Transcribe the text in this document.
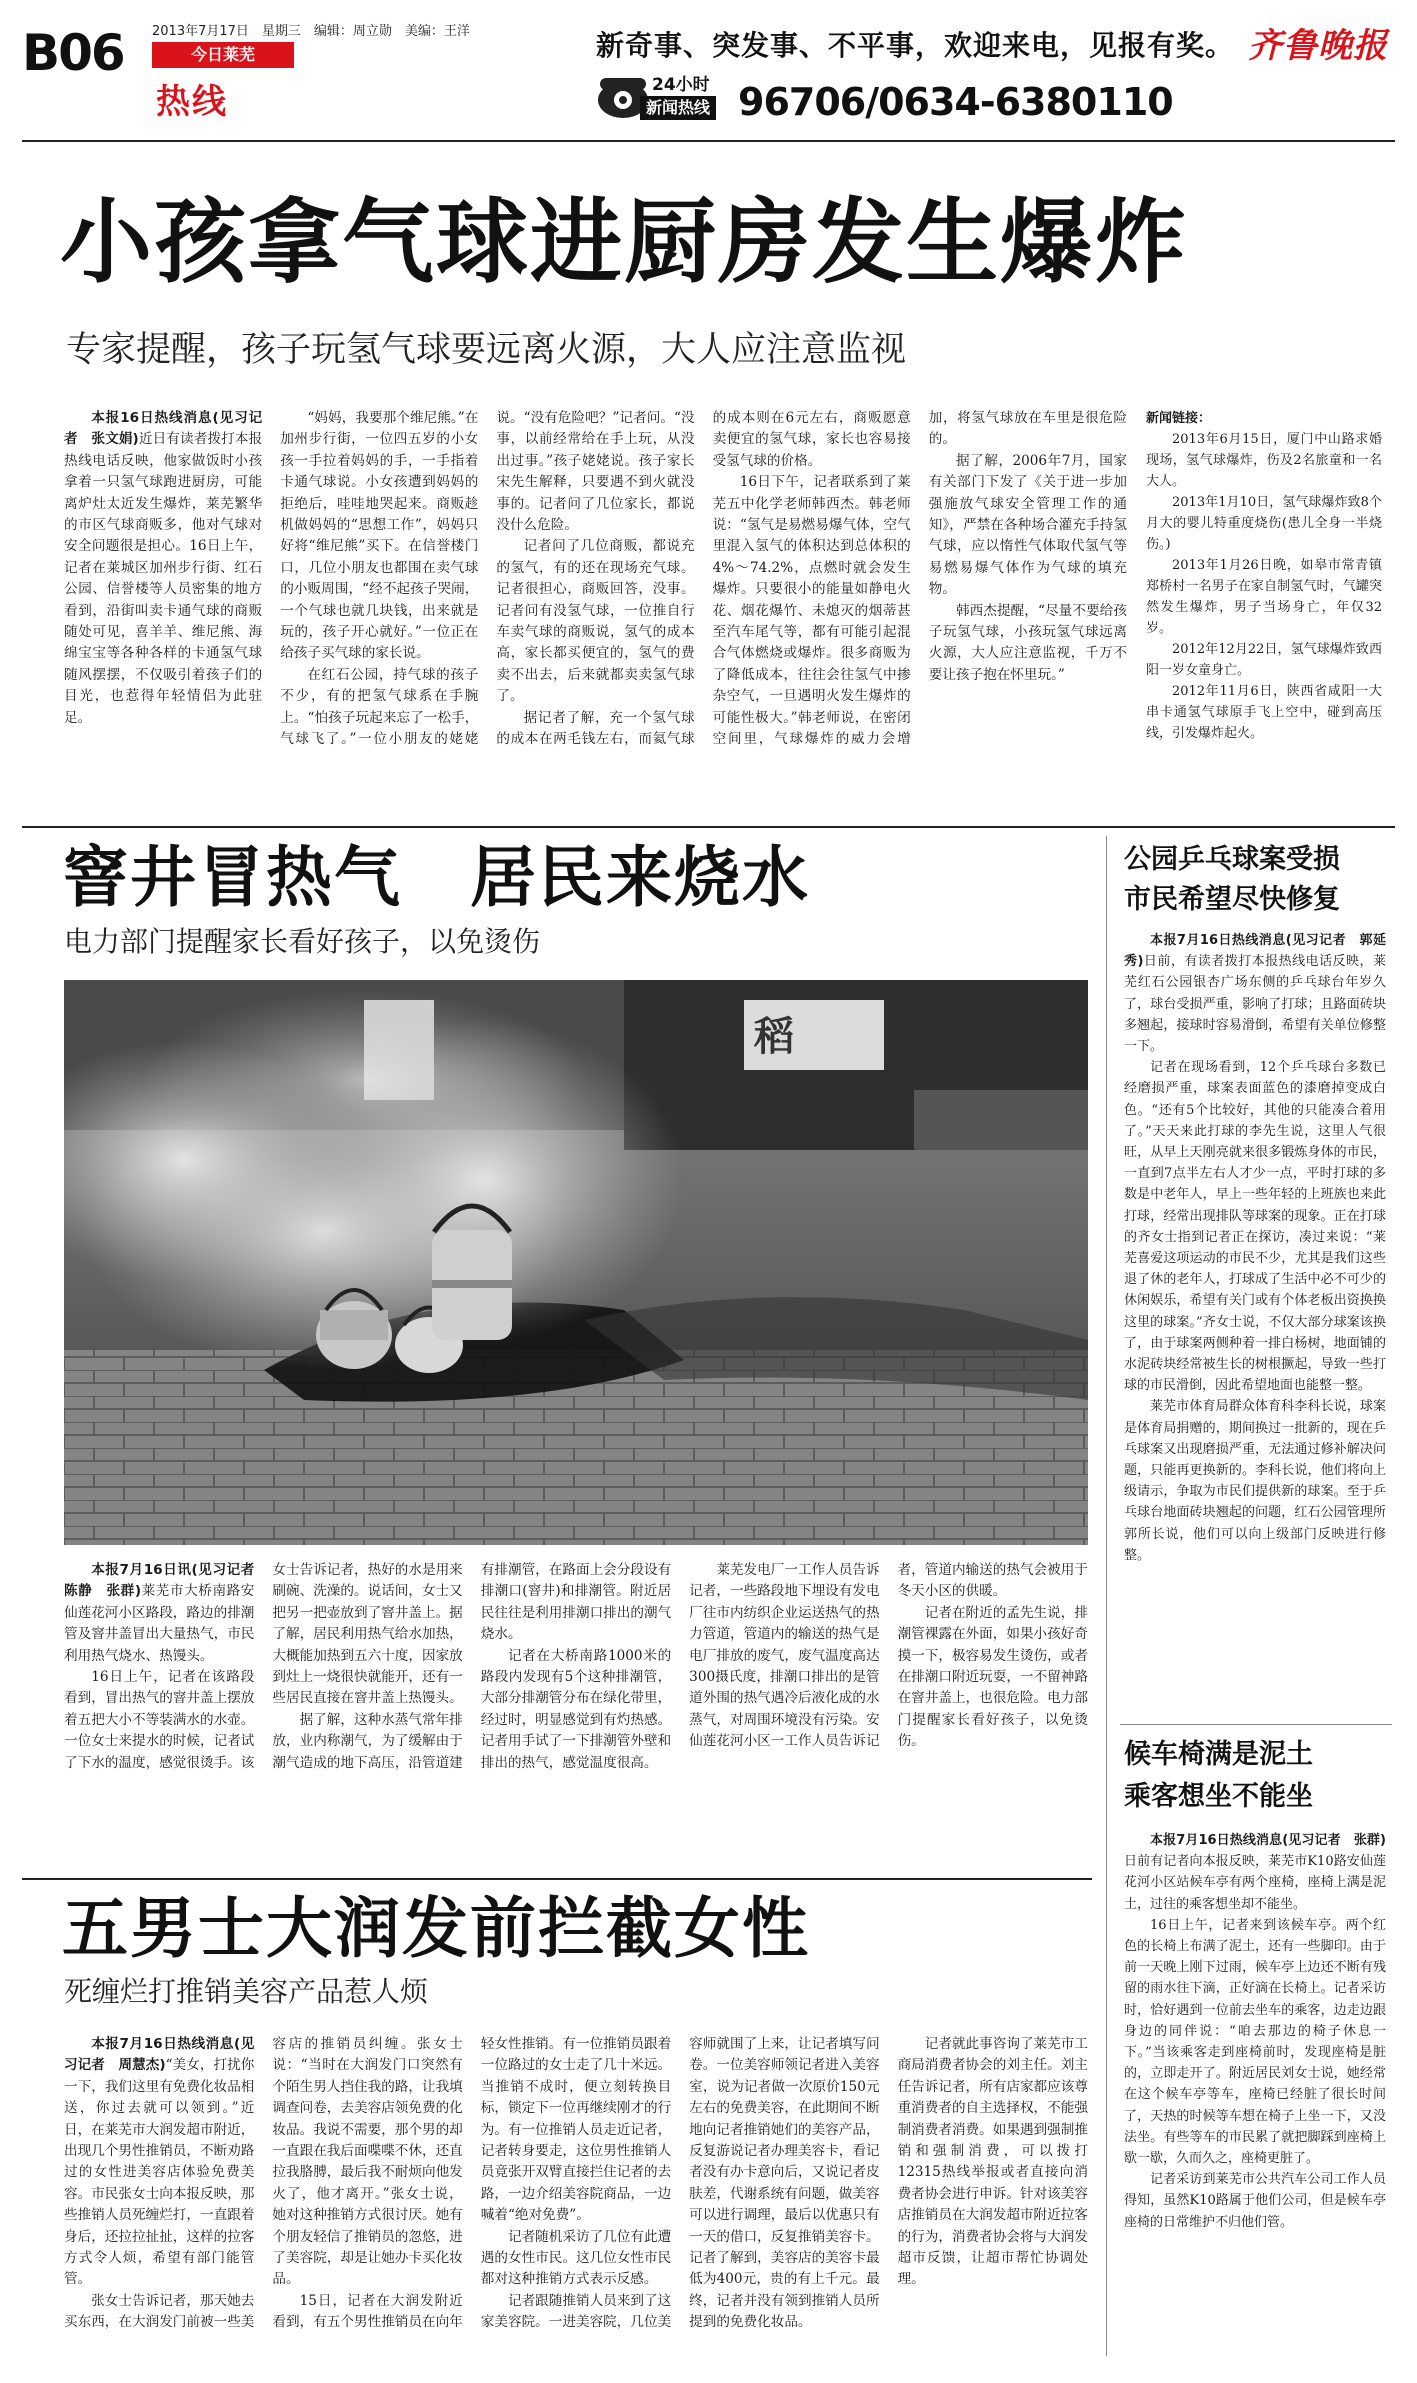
B06 2013年7月17日　星期三　编辑：周立勋　美编：王洋
今日莱芜
热线
新奇事、突发事、不平事，欢迎来电，见报有奖。
24小时
新闻热线 96706/0634-6380110
齐鲁晚报
小孩拿气球进厨房发生爆炸
专家提醒，孩子玩氢气球要远离火源，大人应注意监视

本报16日热线消息(见习记者　张文娟)近日有读者拨打本报热线电话反映，他家做饭时小孩拿着一只氢气球跑进厨房，可能离炉灶太近发生爆炸，莱芜繁华的市区气球商贩多，他对气球对安全问题很是担心。16日上午，记者在莱城区加州步行街、红石公园、信誉楼等人员密集的地方看到，沿街叫卖卡通气球的商贩随处可见，喜羊羊、维尼熊、海绵宝宝等各种各样的卡通氢气球随风摆摆，不仅吸引着孩子们的目光，也惹得年轻情侣为此驻足。

“妈妈，我要那个维尼熊。”在加州步行街，一位四五岁的小女孩一手拉着妈妈的手，一手指着卡通气球说。小女孩遭到妈妈的拒绝后，哇哇地哭起来。商贩趁机做妈妈的“思想工作”，妈妈只好将“维尼熊”买下。在信誉楼门口，几位小朋友也都围在卖气球的小贩周围，“经不起孩子哭闹，一个气球也就几块钱，出来就是玩的，孩子开心就好。”一位正在给孩子买气球的家长说。

在红石公园，持气球的孩子不少，有的把氢气球系在手腕上。“怕孩子玩起来忘了一松手，气球飞了。”一位小朋友的姥姥说。“没有危险吧？”记者问。“没事，以前经常给在手上玩，从没出过事。”孩子姥姥说。孩子家长宋先生解释，只要遇不到火就没事的。记者问了几位家长，都说没什么危险。

记者问了几位商贩，都说充的氢气，有的还在现场充气球。记者很担心，商贩回答，没事。记者问有没氢气球，一位推自行车卖气球的商贩说，氢气的成本高，家长都买便宜的，氢气的费卖不出去，后来就都卖卖氢气球了。

据记者了解，充一个氢气球的成本在两毛钱左右，而氦气球的成本则在6元左右，商贩愿意卖便宜的氢气球，家长也容易接受氢气球的价格。

16日下午，记者联系到了莱芜五中化学老师韩西杰。韩老师说：“氢气是易燃易爆气体，空气里混入氢气的体积达到总体积的4%～74.2%，点燃时就会发生爆炸。只要很小的能量如静电火花、烟花爆竹、未熄灭的烟蒂甚至汽车尾气等，都有可能引起混合气体燃烧或爆炸。很多商贩为了降低成本，往往会往氢气中掺杂空气，一旦遇明火发生爆炸的可能性极大。”韩老师说，在密闭空间里，气球爆炸的威力会增加，将氢气球放在车里是很危险的。

据了解，2006年7月，国家有关部门下发了《关于进一步加强施放气球安全管理工作的通知》，严禁在各种场合灌充手持氢气球，应以惰性气体取代氢气等易燃易爆气体作为气球的填充物。

韩西杰提醒，“尽量不要给孩子玩氢气球，小孩玩氢气球远离火源，大人应注意监视，千万不要让孩子抱在怀里玩。”

新闻链接：

2013年6月15日，厦门中山路求婚现场，氢气球爆炸，伤及2名旅童和一名大人。

2013年1月10日，氢气球爆炸致8个月大的婴儿特重度烧伤(患儿全身一半烧伤。)

2013年1月26日晚，如皋市常青镇郑桥村一名男子在家自制氢气时，气罐突然发生爆炸，男子当场身亡，年仅32岁。

2012年12月22日，氢气球爆炸致西阳一岁女童身亡。

2012年11月6日，陕西省咸阳一大串卡通氢气球原手飞上空中，碰到高压线，引发爆炸起火。

窨井冒热气　居民来烧水
电力部门提醒家长看好孩子，以免烫伤
稻

本报7月16日讯(见习记者　陈静　张群)莱芜市大桥南路安仙莲花河小区路段，路边的排潮管及窨井盖冒出大量热气，市民利用热气烧水、热馒头。

16日上午，记者在该路段看到，冒出热气的窨井盖上摆放着五把大小不等装满水的水壶。一位女士来提水的时候，记者试了下水的温度，感觉很烫手。该女士告诉记者，热好的水是用来刷碗、洗澡的。说话间，女士又把另一把壶放到了窨井盖上。据了解，居民利用热气给水加热，大概能加热到五六十度，因家放到灶上一烧很快就能开，还有一些居民直接在窨井盖上热馒头。

据了解，这种水蒸气常年排放，业内称潮气，为了缓解由于潮气造成的地下高压，沿管道建有排潮管，在路面上会分段设有排潮口(窨井)和排潮管。附近居民往往是利用排潮口排出的潮气烧水。

记者在大桥南路1000米的路段内发现有5个这种排潮管，大部分排潮管分布在绿化带里，经过时，明显感觉到有灼热感。记者用手试了一下排潮管外壁和排出的热气，感觉温度很高。

莱芜发电厂一工作人员告诉记者，一些路段地下埋设有发电厂往市内纺织企业运送热气的热力管道，管道内的输送的热气是电厂排放的废气，废气温度高达300摄氏度，排潮口排出的是管道外围的热气遇冷后液化成的水蒸气，对周围环境没有污染。安仙莲花河小区一工作人员告诉记者，管道内输送的热气会被用于冬天小区的供暖。

记者在附近的孟先生说，排潮管裸露在外面，如果小孩好奇摸一下，极容易发生烫伤，或者在排潮口附近玩耍，一不留神路在窨井盖上，也很危险。电力部门提醒家长看好孩子，以免烫伤。

公园乒乓球案受损
市民希望尽快修复

本报7月16日热线消息(见习记者　郭延秀)日前，有读者拨打本报热线电话反映，莱芜红石公园银杏广场东侧的乒乓球台年岁久了，球台受损严重，影响了打球；且路面砖块多翘起，接球时容易滑倒，希望有关单位修整一下。

记者在现场看到，12个乒乓球台多数已经磨损严重，球案表面蓝色的漆磨掉变成白色。“还有5个比较好，其他的只能凑合着用了。”天天来此打球的李先生说，这里人气很旺，从早上天刚亮就来很多锻炼身体的市民，一直到7点半左右人才少一点，平时打球的多数是中老年人，早上一些年轻的上班族也来此打球，经常出现排队等球案的现象。正在打球的齐女士指到记者正在探访，凑过来说：“莱芜喜爱这项运动的市民不少，尤其是我们这些退了休的老年人，打球成了生活中必不可少的休闲娱乐，希望有关门或有个体老板出资换换这里的球案。”齐女士说，不仅大部分球案该换了，由于球案两侧种着一排白杨树，地面铺的水泥砖块经常被生长的树根撅起，导致一些打球的市民滑倒，因此希望地面也能整一整。

莱芜市体育局群众体育科李科长说，球案是体育局捐赠的，期间换过一批新的，现在乒乓球案又出现磨损严重，无法通过修补解决问题，只能再更换新的。李科长说，他们将向上级请示，争取为市民们提供新的球案。至于乒乓球台地面砖块翘起的问题，红石公园管理所郭所长说，他们可以向上级部门反映进行修整。

候车椅满是泥土
乘客想坐不能坐

本报7月16日热线消息(见习记者　张群)日前有记者向本报反映，莱芜市K10路安仙莲花河小区站候车亭有两个座椅，座椅上满是泥土，过往的乘客想坐却不能坐。

16日上午，记者来到该候车亭。两个红色的长椅上布满了泥土，还有一些脚印。由于前一天晚上刚下过雨，候车亭上边还不断有残留的雨水往下滴，正好滴在长椅上。记者采访时，恰好遇到一位前去坐车的乘客，边走边跟身边的同伴说：“咱去那边的椅子休息一下。”当该乘客走到座椅前时，发现座椅是脏的，立即走开了。附近居民刘女士说，她经常在这个候车亭等车，座椅已经脏了很长时间了，天热的时候等车想在椅子上坐一下，又没法坐。有些等车的市民累了就把脚踩到座椅上歇一歇，久而久之，座椅更脏了。

记者采访到莱芜市公共汽车公司工作人员得知，虽然K10路属于他们公司，但是候车亭座椅的日常维护不归他们管。

五男士大润发前拦截女性
死缠烂打推销美容产品惹人烦

本报7月16日热线消息(见习记者　周慧杰)“美女，打扰你一下，我们这里有免费化妆品相送，你过去就可以领到。”近日，在莱芜市大润发超市附近，出现几个男性推销员，不断劝路过的女性进美容店体验免费美容。市民张女士向本报反映，那些推销人员死缠烂打，一直跟着身后，还拉拉扯扯，这样的拉客方式令人烦，希望有部门能管管。

张女士告诉记者，那天她去买东西，在大润发门前被一些美容店的推销员纠缠。张女士说：“当时在大润发门口突然有个陌生男人挡住我的路，让我填调查问卷，去美容店领免费的化妆品。我说不需要，那个男的却一直跟在我后面喋喋不休，还直拉我胳膊，最后我不耐烦向他发火了，他才离开。”张女士说，她对这种推销方式很讨厌。她有个朋友轻信了推销员的忽悠，进了美容院，却是让她办卡买化妆品。

15日，记者在大润发附近看到，有五个男性推销员在向年轻女性推销。有一位推销员跟着一位路过的女士走了几十米远。当推销不成时，便立刻转换目标，锁定下一位再继续刚才的行为。有一位推销人员走近记者，记者转身要走，这位男性推销人员竟张开双臂直接拦住记者的去路，一边介绍美容院商品，一边喊着“绝对免费”。

记者随机采访了几位有此遭遇的女性市民。这几位女性市民都对这种推销方式表示反感。

记者跟随推销人员来到了这家美容院。一进美容院，几位美容师就围了上来，让记者填写问卷。一位美容师领记者进入美容室，说为记者做一次原价150元左右的免费美容，在此期间不断地向记者推销她们的美容产品，反复游说记者办理美容卡，看记者没有办卡意向后，又说记者皮肤差，代谢系统有问题，做美容可以进行调理，最后以优惠只有一天的借口，反复推销美容卡。记者了解到，美容店的美容卡最低为400元，贵的有上千元。最终，记者并没有领到推销人员所提到的免费化妆品。

记者就此事咨询了莱芜市工商局消费者协会的刘主任。刘主任告诉记者，所有店家都应该尊重消费者的自主选择权，不能强制消费者消费。如果遇到强制推销和强制消费，可以拨打12315热线举报或者直接向消费者协会进行申诉。针对该美容店推销员在大润发超市附近拉客的行为，消费者协会将与大润发超市反馈，让超市帮忙协调处理。
